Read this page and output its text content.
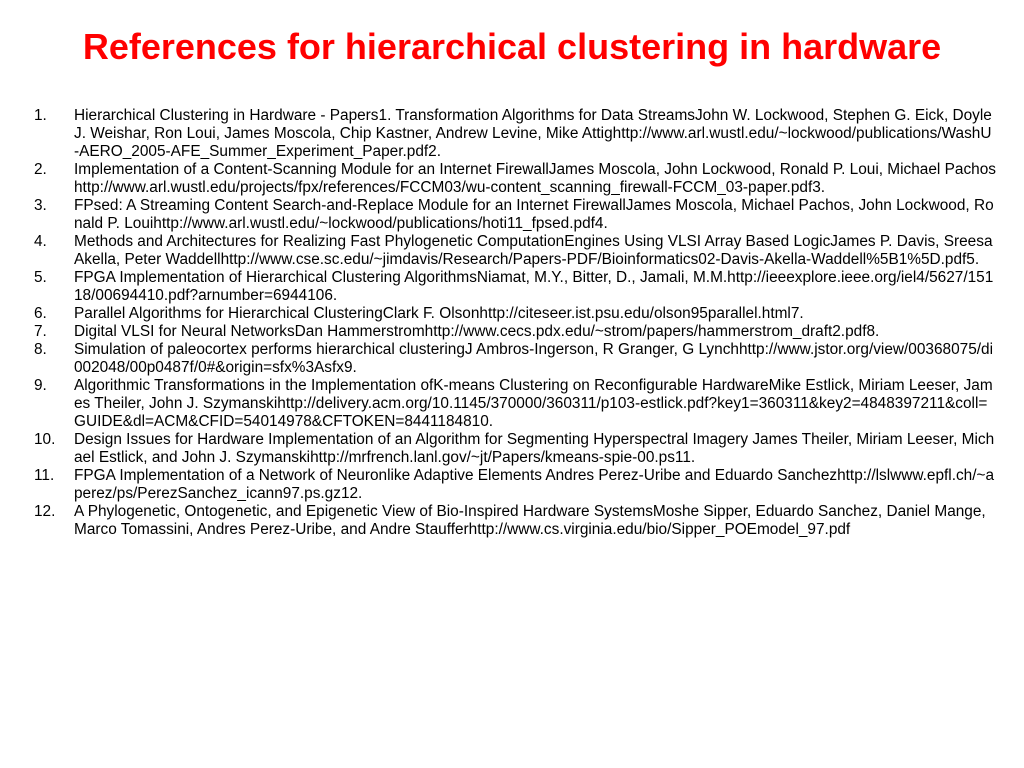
References for hierarchical clustering in hardware
1.	Hierarchical Clustering in Hardware - Papers1. Transformation Algorithms for Data StreamsJohn W. Lockwood, Stephen G. Eick, Doyle J. Weishar, Ron Loui, James Moscola, Chip Kastner, Andrew Levine, Mike Attighttp://www.arl.wustl.edu/~lockwood/publications/WashU-AERO_2005-AFE_Summer_Experiment_Paper.pdf2.
2.	Implementation of a Content-Scanning Module for an Internet FirewallJames Moscola, John Lockwood, Ronald P. Loui, Michael Pachoshttp://www.arl.wustl.edu/projects/fpx/references/FCCM03/wu-content_scanning_firewall-FCCM_03-paper.pdf3.
3.	FPsed: A Streaming Content Search-and-Replace Module for an Internet FirewallJames Moscola, Michael Pachos, John Lockwood, Ronald P. Louihttp://www.arl.wustl.edu/~lockwood/publications/hoti11_fpsed.pdf4.
4.	Methods and Architectures for Realizing Fast Phylogenetic ComputationEngines Using VLSI Array Based LogicJames P. Davis, Sreesa Akella, Peter Waddellhttp://www.cse.sc.edu/~jimdavis/Research/Papers-PDF/Bioinformatics02-Davis-Akella-Waddell%5B1%5D.pdf5.
5.	FPGA Implementation of Hierarchical Clustering AlgorithmsNiamat, M.Y., Bitter, D., Jamali, M.M.http://ieeexplore.ieee.org/iel4/5627/15118/00694410.pdf?arnumber=6944106.
6.	Parallel Algorithms for Hierarchical ClusteringClark F. Olsonhttp://citeseer.ist.psu.edu/olson95parallel.html7.
7.	Digital VLSI for Neural NetworksDan Hammerstromhttp://www.cecs.pdx.edu/~strom/papers/hammerstrom_draft2.pdf8.
8.	Simulation of paleocortex performs hierarchical clusteringJ Ambros-Ingerson, R Granger, G Lynchhttp://www.jstor.org/view/00368075/di002048/00p0487f/0#&origin=sfx%3Asfx9.
9.	Algorithmic Transformations in the Implementation ofK-means Clustering on Reconfigurable HardwareMike Estlick, Miriam Leeser, James Theiler, John J. Szymanskihttp://delivery.acm.org/10.1145/370000/360311/p103-estlick.pdf?key1=360311&key2=4848397211&coll=GUIDE&dl=ACM&CFID=54014978&CFTOKEN=8441184810.
10.	Design Issues for Hardware Implementation of an Algorithm for Segmenting Hyperspectral Imagery James Theiler, Miriam Leeser, Michael Estlick, and John J. Szymanskihttp://mrfrench.lanl.gov/~jt/Papers/kmeans-spie-00.ps11.
11.	FPGA Implementation of a Network of Neuronlike Adaptive Elements Andres Perez-Uribe and Eduardo Sanchezhttp://lslwww.epfl.ch/~aperez/ps/PerezSanchez_icann97.ps.gz12.
12.	A Phylogenetic, Ontogenetic, and Epigenetic View of Bio-Inspired Hardware SystemsMoshe Sipper, Eduardo Sanchez, Daniel Mange,Marco Tomassini, Andres Perez-Uribe, and Andre Staufferhttp://www.cs.virginia.edu/bio/Sipper_POEmodel_97.pdf
